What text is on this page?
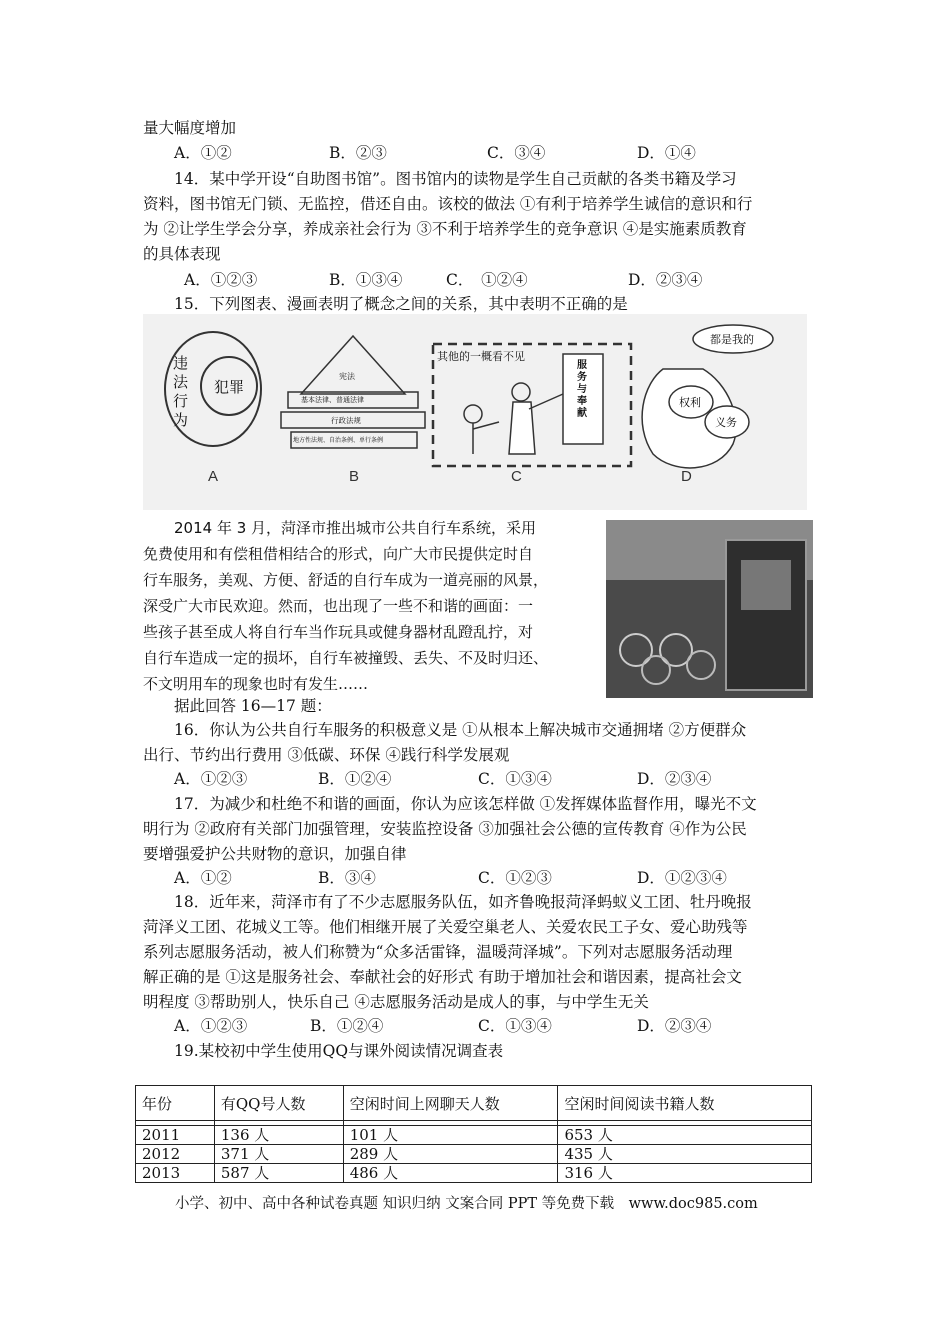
量大幅度增加
A．①②	B．②③	C．③④	D．①④
14．某中学开设“自助图书馆”。图书馆内的读物是学生自己贡献的各类书籍及学习
资料，图书馆无门锁、无监控，借还自由。该校的做法 ①有利于培养学生诚信的意识和行
为 ②让学生学会分享，养成亲社会行为 ③不利于培养学生的竞争意识 ④是实施素质教育
的具体表现
A．①②③	B．①③④	C．　①②④	D．②③④
15．下列图表、漫画表明了概念之间的关系，其中表明不正确的是
违法行为
犯罪
A
宪法
基本法律、普通法律
行政法规
地方性法规、自治条例、单行条例
B
其他的一概看不见
服务与奉献
C
都是我的
权利
义务
D
2014 年 3 月，菏泽市推出城市公共自行车系统，采用
免费使用和有偿租借相结合的形式，向广大市民提供定时自
行车服务，美观、方便、舒适的自行车成为一道亮丽的风景，
深受广大市民欢迎。然而，也出现了一些不和谐的画面：一
些孩子甚至成人将自行车当作玩具或健身器材乱蹬乱拧，对
自行车造成一定的损坏，自行车被撞毁、丢失、不及时归还、
不文明用车的现象也时有发生……
据此回答 16—17 题：
16．你认为公共自行车服务的积极意义是 ①从根本上解决城市交通拥堵 ②方便群众
出行、节约出行费用 ③低碳、环保 ④践行科学发展观
A．①②③	B．①②④	C．①③④	D．②③④
17．为减少和杜绝不和谐的画面，你认为应该怎样做 ①发挥媒体监督作用，曝光不文
明行为 ②政府有关部门加强管理，安装监控设备 ③加强社会公德的宣传教育 ④作为公民
要增强爱护公共财物的意识，加强自律
A．①②	B．③④	C．①②③	D．①②③④
18．近年来，菏泽市有了不少志愿服务队伍，如齐鲁晚报菏泽蚂蚁义工团、牡丹晚报
菏泽义工团、花城义工等。他们相继开展了关爱空巢老人、关爱农民工子女、爱心助残等
系列志愿服务活动，被人们称赞为“众多活雷锋，温暖菏泽城”。下列对志愿服务活动理
解正确的是 ①这是服务社会、奉献社会的好形式 有助于增加社会和谐因素，提高社会文
明程度 ③帮助别人，快乐自己 ④志愿服务活动是成人的事，与中学生无关
A．①②③	B．①②④	C．①③④	D．②③④
19.某校初中学生使用QQ与课外阅读情况调查表
年份	有QQ号人数	空闲时间上网聊天人数	空闲时间阅读书籍人数

2011	136 人	101 人	653 人
2012	371 人	289 人	435 人
2013	587 人	486 人	316 人
小学、初中、高中各种试卷真题 知识归纳 文案合同 PPT 等免费下载　www.doc985.com
